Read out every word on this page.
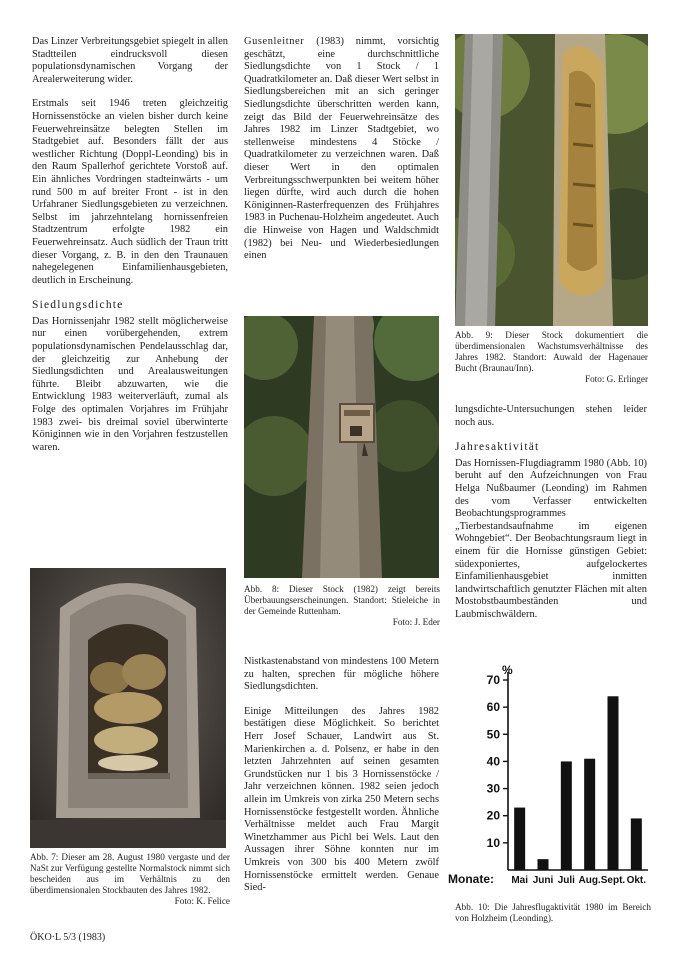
Das Linzer Verbreitungsgebiet spiegelt in allen Stadtteilen eindrucksvoll diesen populationsdynamischen Vorgang der Arealerweiterung wider.

Erstmals seit 1946 treten gleichzeitig Hornissenstöcke an vielen bisher durch keine Feuerwehreinsätze belegten Stellen im Stadtgebiet auf. Besonders fällt der aus westlicher Richtung (Doppl-Leonding) bis in den Raum Spallerhof gerichtete Vorstoß auf. Ein ähnliches Vordringen stadteinwärts - um rund 500 m auf breiter Front - ist in den Urfahraner Siedlungsgebieten zu verzeichnen. Selbst im jahrzehntelang hornissenfreien Stadtzentrum erfolgte 1982 ein Feuerwehreinsatz. Auch südlich der Traun tritt dieser Vorgang, z. B. in den den Traunauen nahegelegenen Einfamilienhausgebieten, deutlich in Erscheinung.

Siedlungsdichte

Das Hornissenjahr 1982 stellt möglicherweise nur einen vorübergehenden, extrem populationsdynamischen Pendelausschlag dar, der gleichzeitig zur Anhebung der Siedlungsdichten und Arealausweitungen führte. Bleibt abzuwarten, wie die Entwicklung 1983 weiterverläuft, zumal als Folge des optimalen Vorjahres im Frühjahr 1983 zwei- bis dreimal soviel überwinterte Königinnen wie in den Vorjahren festzustellen waren.

Abb. 7: Dieser am 28. August 1980 vergaste und der NaSt zur Verfügung gestellte Normalstock nimmt sich bescheiden aus im Verhältnis zu den überdimensionalen Stockbauten des Jahres 1982.
Foto: K. Felice

Gusenleitner (1983) nimmt, vorsichtig geschätzt, eine durchschnittliche Siedlungsdichte von 1 Stock / 1 Quadratkilometer an. Daß dieser Wert selbst in Siedlungsbereichen mit an sich geringer Siedlungsdichte überschritten werden kann, zeigt das Bild der Feuerwehreinsätze des Jahres 1982 im Linzer Stadtgebiet, wo stellenweise mindestens 4 Stöcke / Quadratkilometer zu verzeichnen waren. Daß dieser Wert in den optimalen Verbreitungsschwerpunkten bei weitem höher liegen dürfte, wird auch durch die hohen Königinnen-Rasterfrequenzen des Frühjahres 1983 in Puchenau-Holzheim angedeutet. Auch die Hinweise von Hagen und Waldschmidt (1982) bei Neu- und Wiederbesiedlungen einen

Abb. 8: Dieser Stock (1982) zeigt bereits Überbauungserscheinungen. Standort: Stieleiche in der Gemeinde Ruttenham.
Foto: J. Eder

Nistkastenabstand von mindestens 100 Metern zu halten, sprechen für mögliche höhere Siedlungsdichten.

Einige Mitteilungen des Jahres 1982 bestätigen diese Möglichkeit. So berichtet Herr Josef Schauer, Landwirt aus St. Marienkirchen a. d. Polsenz, er habe in den letzten Jahrzehnten auf seinen gesamten Grundstücken nur 1 bis 3 Hornissenstöcke / Jahr verzeichnen können. 1982 seien jedoch allein im Umkreis von zirka 250 Metern sechs Hornissenstöcke festgestellt worden. Ähnliche Verhältnisse meldet auch Frau Margit Winetzhammer aus Pichl bei Wels. Laut den Aussagen ihrer Söhne konnten nur im Umkreis von 300 bis 400 Metern zwölf Hornissenstöcke ermittelt werden. Genaue Sied-

Abb. 9: Dieser Stock dokumentiert die überdimensionalen Wachstumsverhältnisse des Jahres 1982. Standort: Auwald der Hagenauer Bucht (Braunau/Inn).
Foto: G. Erlinger

lungsdichte-Untersuchungen stehen leider noch aus.

Jahresaktivität

Das Hornissen-Flugdiagramm 1980 (Abb. 10) beruht auf den Aufzeichnungen von Frau Helga Nußbaumer (Leonding) im Rahmen des vom Verfasser entwickelten Beobachtungsprogrammes „Tierbestandsaufnahme im eigenen Wohngebiet“. Der Beobachtungsraum liegt in einem für die Hornisse günstigen Gebiet: südexponiertes, aufgelockertes Einfamilienhausgebiet inmitten landwirtschaftlich genutzter Flächen mit alten Mostobstbaumbeständen und Laubmischwäldern.

10
20
30
40
50
60
70
%
Mai Juni Juli Aug. Sept. Okt.
Monate:
Abb. 10: Die Jahresflugaktivität 1980 im Bereich von Holzheim (Leonding).
ÖKO·L 5/3 (1983)
